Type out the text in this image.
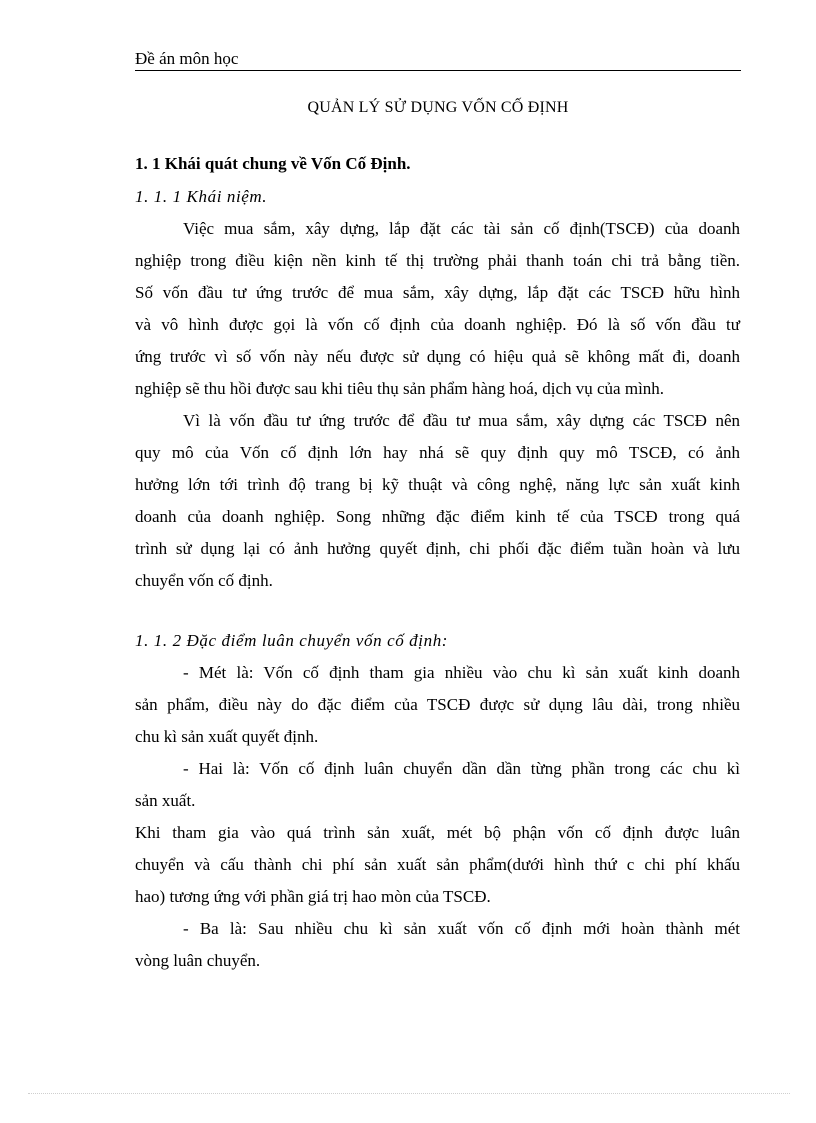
Đề án môn học
QUẢN LÝ SỬ DỤNG VỐN CỐ ĐỊNH
1. 1 Khái quát chung về Vốn Cố Định.
1. 1. 1 Khái niệm.
Việc mua sắm, xây dựng, lắp đặt các tài sản cố định(TSCĐ) của doanh
nghiệp trong điều kiện nền kinh tế thị trường phải thanh toán chi trả bằng tiền.
Số vốn đầu tư ứng trước để mua sắm, xây dựng, lắp đặt các TSCĐ hữu hình
và vô hình được gọi là vốn cố định của doanh nghiệp. Đó là số vốn đầu tư
ứng trước vì số vốn này nếu được sử dụng có hiệu quả sẽ không mất đi, doanh
nghiệp sẽ thu hồi được sau khi tiêu thụ sản phẩm hàng hoá, dịch vụ của mình.
Vì là vốn đầu tư ứng trước để đầu tư mua sắm, xây dựng các TSCĐ nên
quy mô của Vốn cố định lớn hay nhá sẽ quy định quy mô TSCĐ, có ảnh
hưởng lớn tới trình độ trang bị kỹ thuật và công nghệ, năng lực sản xuất kinh
doanh của doanh nghiệp. Song những đặc điểm kinh tế của TSCĐ trong quá
trình sử dụng lại có ảnh hưởng quyết định, chi phối đặc điểm tuần hoàn và lưu
chuyển vốn cố định.
1. 1. 2 Đặc điểm luân chuyển vốn cố định:
- Mét là: Vốn cố định tham gia nhiều vào chu kì sản xuất kinh doanh
sản phẩm, điều này do đặc điểm của TSCĐ được sử dụng lâu dài, trong nhiều
chu kì sản xuất quyết định.
- Hai là: Vốn cố định luân chuyển dần dần từng phần trong các chu kì
sản xuất.
Khi tham gia vào quá trình sản xuất, mét bộ phận vốn cố định được luân
chuyển và cấu thành chi phí sản xuất sản phẩm(dưới hình thứ c chi phí khấu
hao) tương ứng với phần giá trị hao mòn của TSCĐ.
- Ba là: Sau nhiều chu kì sản xuất vốn cố định mới hoàn thành mét
vòng luân chuyển.
